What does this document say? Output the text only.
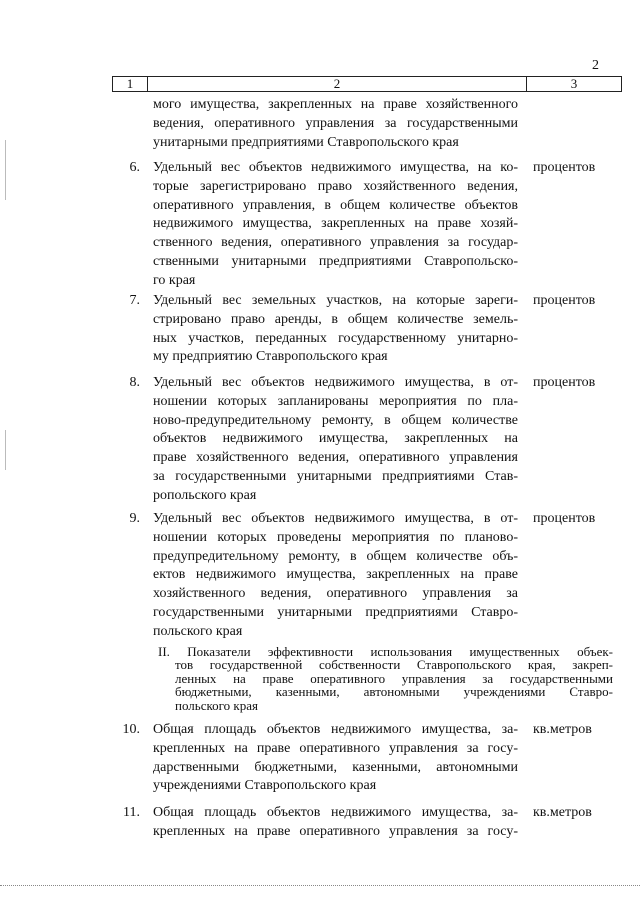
2
1	2	3
мого имущества, закрепленных на праве хозяйственного
ведения, оперативного управления за государственными
унитарными предприятиями Ставропольского края
6. Удельный вес объектов недвижимого имущества, на ко-
торые зарегистрировано право хозяйственного ведения,
оперативного управления, в общем количестве объектов
недвижимого имущества, закрепленных на праве хозяй-
ственного ведения, оперативного управления за государ-
ственными унитарными предприятиями Ставропольско-
го края
процентов
7. Удельный вес земельных участков, на которые зареги-
стрировано право аренды, в общем количестве земель-
ных участков, переданных государственному унитарно-
му предприятию Ставропольского края
процентов
8. Удельный вес объектов недвижимого имущества, в от-
ношении которых запланированы мероприятия по пла-
ново-предупредительному ремонту, в общем количестве
объектов недвижимого имущества, закрепленных на
праве хозяйственного ведения, оперативного управления
за государственными унитарными предприятиями Став-
ропольского края
процентов
9. Удельный вес объектов недвижимого имущества, в от-
ношении которых проведены мероприятия по планово-
предупредительному ремонту, в общем количестве объ-
ектов недвижимого имущества, закрепленных на праве
хозяйственного ведения, оперативного управления за
государственными унитарными предприятиями Ставро-
польского края
процентов
II. Показатели эффективности использования имущественных объек-
тов государственной собственности Ставропольского края, закреп-
ленных на праве оперативного управления за государственными
бюджетными, казенными, автономными учреждениями Ставро-
польского края
10. Общая площадь объектов недвижимого имущества, за-
крепленных на праве оперативного управления за госу-
дарственными бюджетными, казенными, автономными
учреждениями Ставропольского края
кв.метров
11. Общая площадь объектов недвижимого имущества, за-
крепленных на праве оперативного управления за госу-
кв.метров
